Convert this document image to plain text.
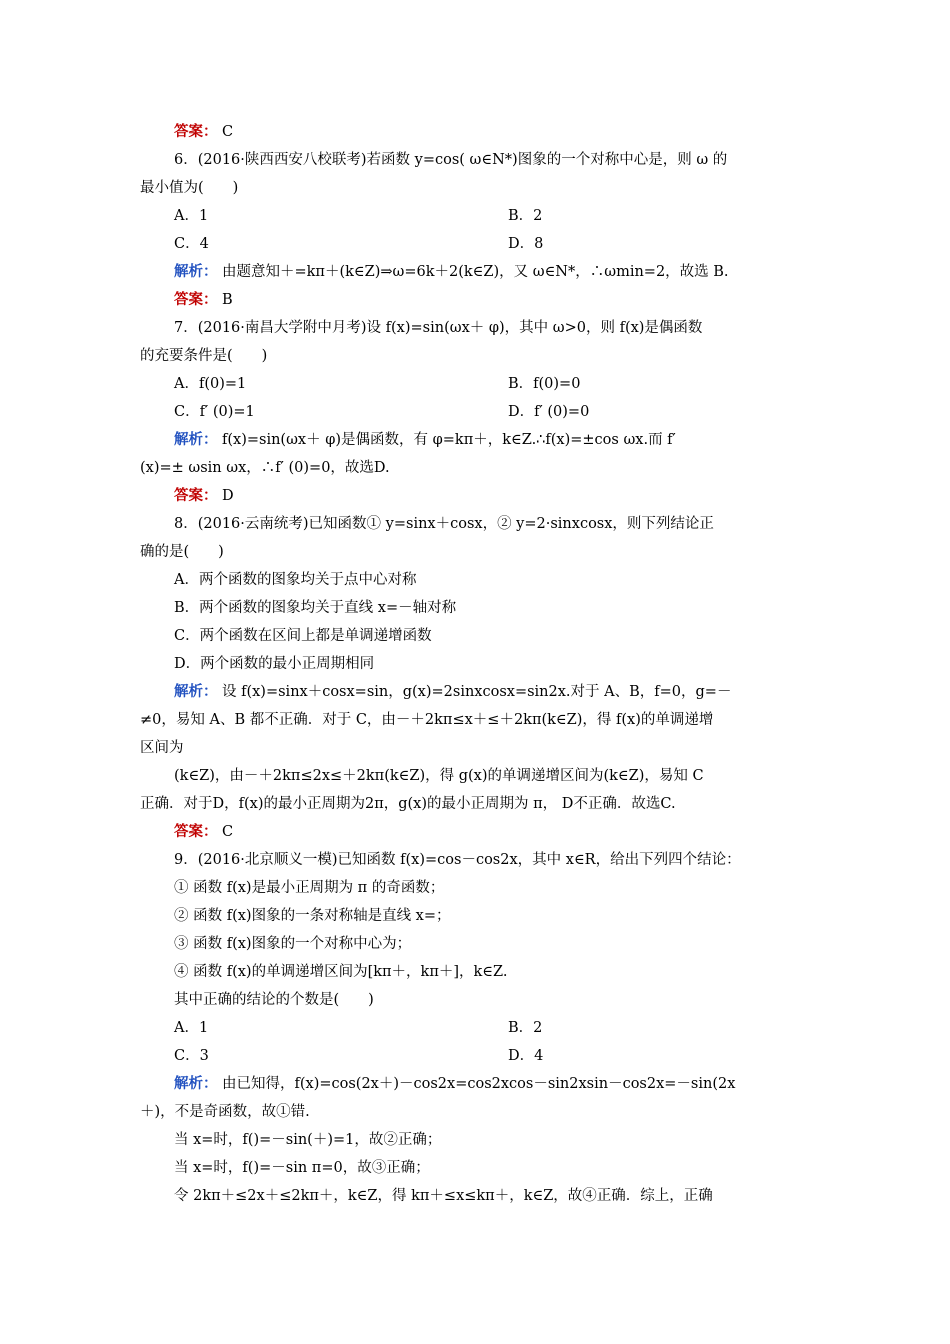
答案： C
6．(2016·陕西西安八校联考)若函数 y=cos( ω∈N*)图象的一个对称中心是，则 ω 的
最小值为(　　)
A．1	B．2
C．4	D．8
解析： 由题意知＋=kπ＋(k∈Z)⇒ω=6k＋2(k∈Z)，又 ω∈N*，∴ωmin=2，故选 B.
答案： B
7．(2016·南昌大学附中月考)设 f(x)=sin(ωx＋ φ)，其中 ω>0，则 f(x)是偶函数
的充要条件是(　　)
A．f(0)=1	B．f(0)=0
C．f′ (0)=1	D．f′ (0)=0
解析： f(x)=sin(ωx＋ φ)是偶函数，有 φ=kπ＋，k∈Z.∴f(x)=±cos ωx.而 f′
(x)=± ωsin ωx，∴f′ (0)=0，故选D.
答案： D
8．(2016·云南统考)已知函数① y=sinx＋cosx，② y=2·sinxcosx，则下列结论正
确的是(　　)
A．两个函数的图象均关于点中心对称
B．两个函数的图象均关于直线 x=－轴对称
C．两个函数在区间上都是单调递增函数
D．两个函数的最小正周期相同
解析： 设 f(x)=sinx＋cosx=sin，g(x)=2sinxcosx=sin2x.对于 A、B，f=0，g=－
≠0，易知 A、B 都不正确．对于 C，由－＋2kπ≤x＋≤＋2kπ(k∈Z)，得 f(x)的单调递增
区间为
(k∈Z)，由－＋2kπ≤2x≤＋2kπ(k∈Z)，得 g(x)的单调递增区间为(k∈Z)，易知 C
正确．对于D，f(x)的最小正周期为2π，g(x)的最小正周期为 π， D不正确．故选C.
答案： C
9．(2016·北京顺义一模)已知函数 f(x)=cos－cos2x，其中 x∈R，给出下列四个结论：
① 函数 f(x)是最小正周期为 π 的奇函数；
② 函数 f(x)图象的一条对称轴是直线 x=；
③ 函数 f(x)图象的一个对称中心为；
④ 函数 f(x)的单调递增区间为[kπ＋，kπ＋]，k∈Z.
其中正确的结论的个数是(　　)
A．1	B．2
C．3	D．4
解析： 由已知得，f(x)=cos(2x＋)－cos2x=cos2xcos－sin2xsin－cos2x=－sin(2x
＋)，不是奇函数，故①错.
当 x=时，f()=－sin(＋)=1，故②正确；
当 x=时，f()=－sin π=0，故③正确；
令 2kπ＋≤2x＋≤2kπ＋，k∈Z，得 kπ＋≤x≤kπ＋，k∈Z，故④正确．综上，正确
